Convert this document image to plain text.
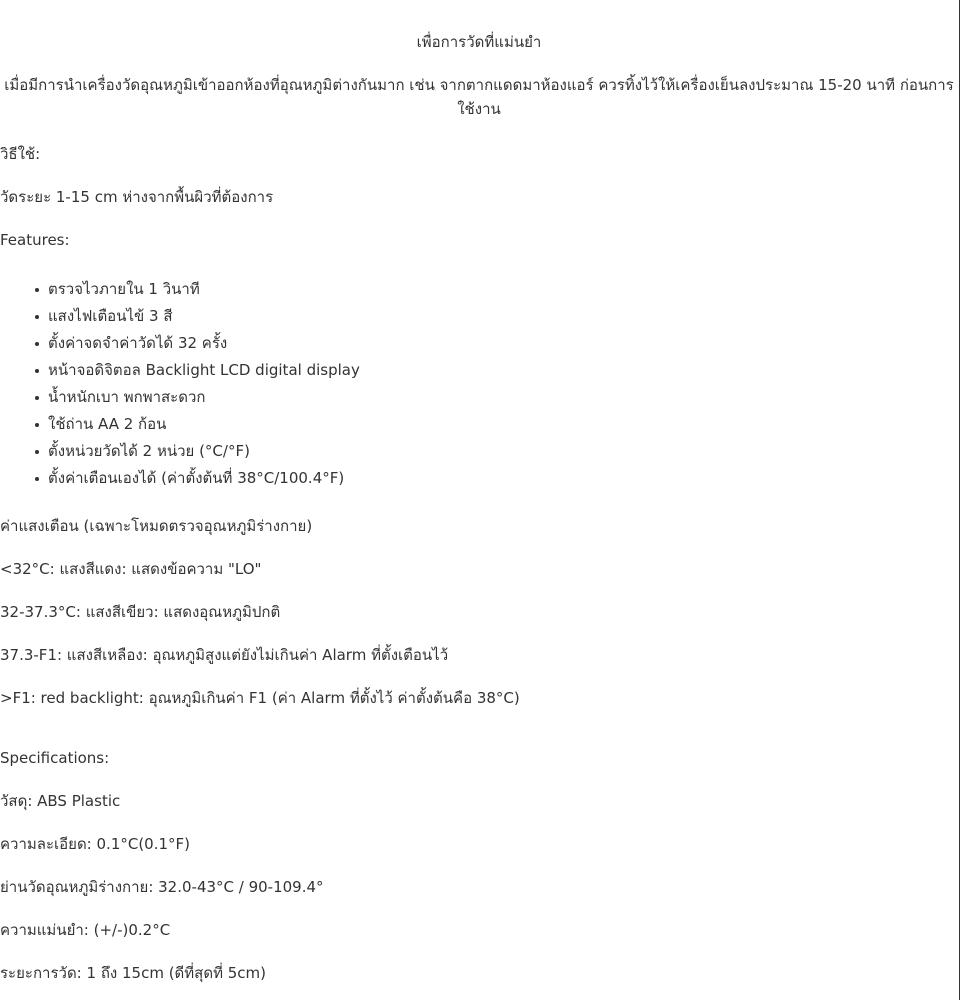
เพื่อการวัดที่แม่นยำ

เมื่อมีการนำเครื่องวัดอุณหภูมิเข้าออกห้องที่อุณหภูมิต่างกันมาก เช่น จากตากแดดมาห้องแอร์ ควรทิ้งไว้ให้เครื่องเย็นลงประมาณ 15-20 นาที ก่อนการใช้งาน

วิธีใช้:

วัดระยะ 1-15 cm ห่างจากพื้นผิวที่ต้องการ

Features:

ตรวจไวภายใน 1 วินาที
แสงไฟเตือนไข้ 3 สี
ตั้งค่าจดจำค่าวัดได้ 32 ครั้ง
หน้าจอดิจิตอล Backlight LCD digital display
น้ำหนักเบา พกพาสะดวก
ใช้ถ่าน AA 2 ก้อน
ตั้งหน่วยวัดได้ 2 หน่วย (°C/°F)
ตั้งค่าเตือนเองได้ (ค่าตั้งต้นที่ 38°C/100.4°F)

ค่าแสงเตือน (เฉพาะโหมดตรวจอุณหภูมิร่างกาย)

<32°C: แสงสีแดง: แสดงข้อความ "LO"

32-37.3°C: แสงสีเขียว: แสดงอุณหภูมิปกติ

37.3-F1: แสงสีเหลือง: อุณหภูมิสูงแต่ยังไม่เกินค่า Alarm ที่ตั้งเตือนไว้

>F1: red backlight: อุณหภูมิเกินค่า F1 (ค่า Alarm ที่ตั้งไว้ ค่าตั้งต้นคือ 38°C)

Specifications:

วัสดุ: ABS Plastic

ความละเอียด: 0.1°C(0.1°F)

ย่านวัดอุณหภูมิร่างกาย: 32.0-43°C / 90-109.4°

ความแม่นยำ: (+/-)0.2°C

ระยะการวัด: 1 ถึง 15cm (ดีที่สุดที่ 5cm)
